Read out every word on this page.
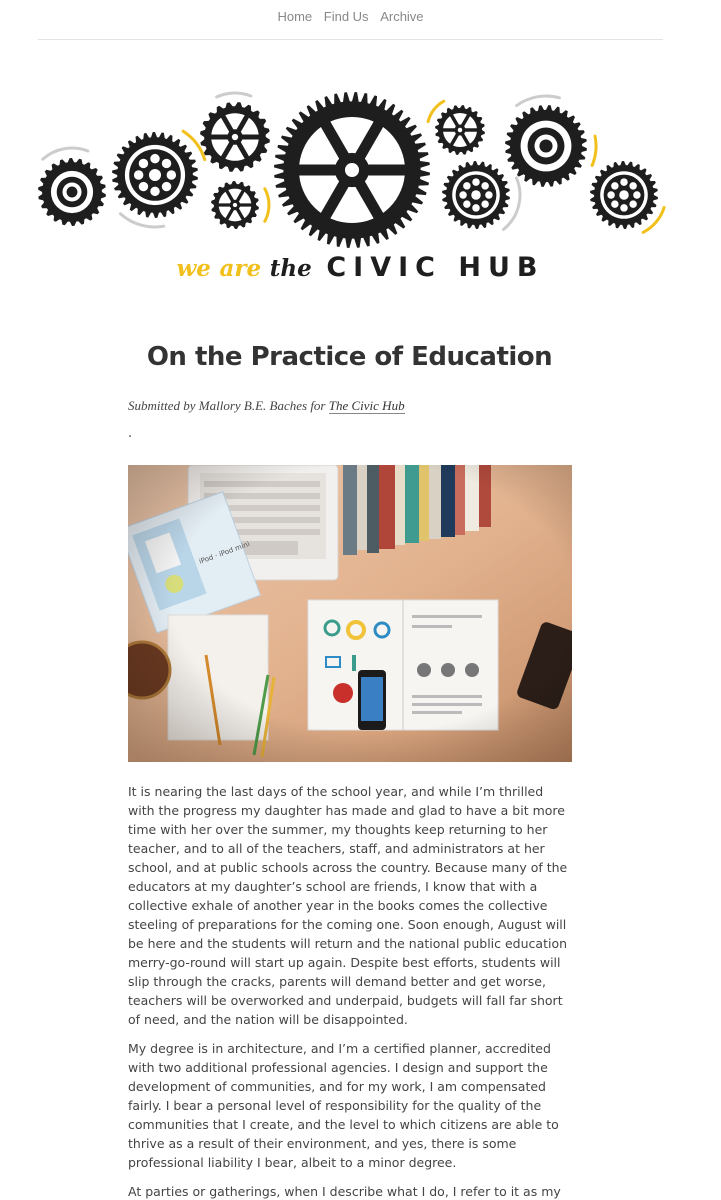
Home Find Us Archive
we are the CIVIC HUB
On the Practice of Education
Submitted by Mallory B.E. Baches for The Civic Hub
.

It is nearing the last days of the school year, and while I’m thrilled with the progress my daughter has made and glad to have a bit more time with her over the summer, my thoughts keep returning to her teacher, and to all of the teachers, staff, and administrators at her school, and at public schools across the country. Because many of the educators at my daughter’s school are friends, I know that with a collective exhale of another year in the books comes the collective steeling of preparations for the coming one. Soon enough, August will be here and the students will return and the national public education merry-go-round will start up again. Despite best efforts, students will slip through the cracks, parents will demand better and get worse, teachers will be overworked and underpaid, budgets will fall far short of need, and the nation will be disappointed.

My degree is in architecture, and I’m a certified planner, accredited with two additional professional agencies. I design and support the development of communities, and for my work, I am compensated fairly. I bear a personal level of responsibility for the quality of the communities that I create, and the level to which citizens are able to thrive as a result of their environment, and yes, there is some professional liability I bear, albeit to a minor degree.

At parties or gatherings, when I describe what I do, I refer to it as my
